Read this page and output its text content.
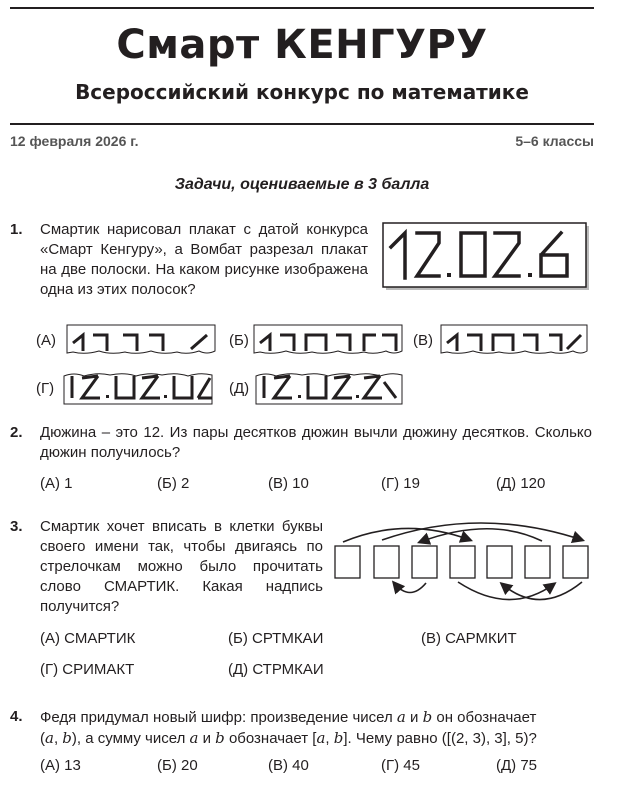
Смарт КЕНГУРУ
Всероссийский конкурс по математике
12 февраля 2026 г.	5–6 классы
Задачи, оцениваемые в 3 балла
1. Смартик нарисовал плакат с датой конкурса «Смарт Кенгуру», а Вомбат разрезал плакат на две полоски. На каком рисунке изображена одна из этих полосок?
(А)	(Б)	(В)
(Г)	(Д)
2. Дюжина – это 12. Из пары десятков дюжин вычли дюжину десятков. Сколько дюжин получилось?
(А) 1	(Б) 2	(В) 10	(Г) 19	(Д) 120
3. Смартик хочет вписать в клетки буквы своего имени так, чтобы двигаясь по стрелочкам можно было прочитать слово СМАРТИК. Какая надпись получится?
(А) СМАРТИК	(Б) СРТМКАИ	(В) САРМКИТ
(Г) СРИМАКТ	(Д) СТРМКАИ
4. Федя придумал новый шифр: произведение чисел a и b он обозначает
(a, b), а сумму чисел a и b обозначает [a, b]. Чему равно ([(2, 3), 3], 5)?
(А) 13	(Б) 20	(В) 40	(Г) 45	(Д) 75
